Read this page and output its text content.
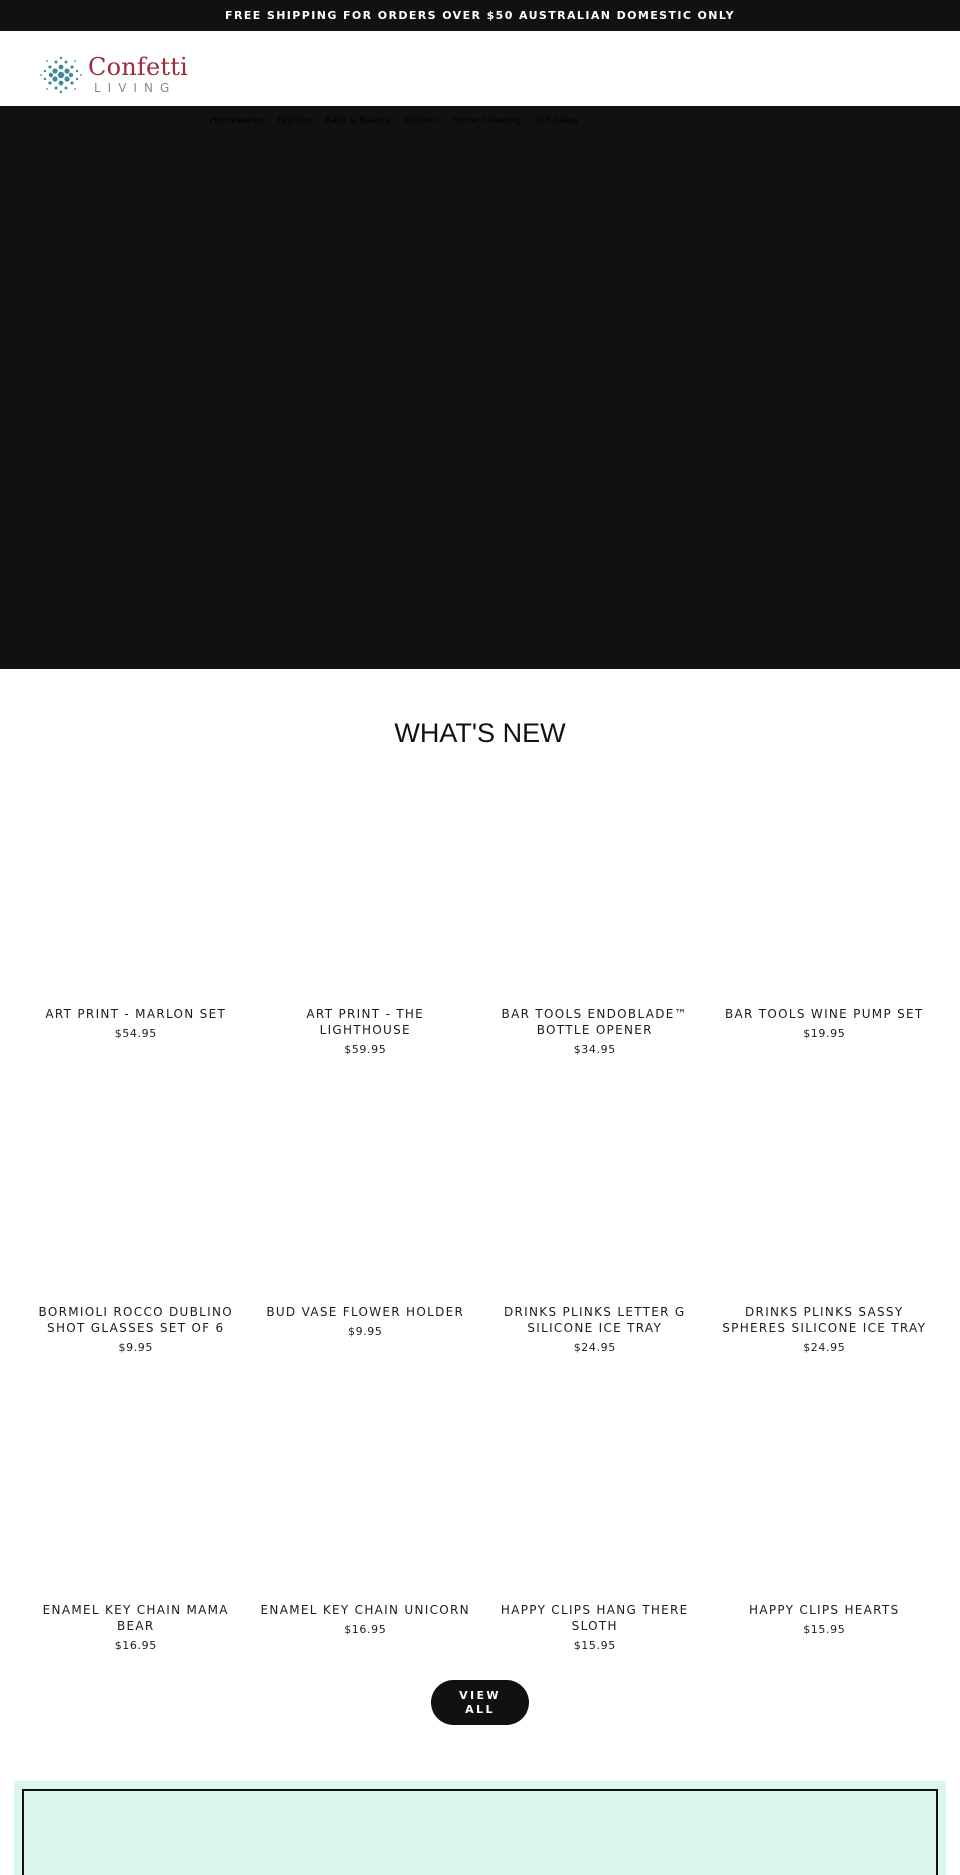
FREE SHIPPING FOR ORDERS OVER $50 AUSTRALIAN DOMESTIC ONLY
Confetti
LIVING
Homewares Fashion Bath & Beauty Kitchen Home Cleaning Gift Ideas
WHAT'S NEW
ART PRINT - MARLON SET
$54.95
ART PRINT - THE LIGHTHOUSE
$59.95
BAR TOOLS ENDOBLADE™ BOTTLE OPENER
$34.95
BAR TOOLS WINE PUMP SET
$19.95
BORMIOLI ROCCO DUBLINO SHOT GLASSES SET OF 6
$9.95
BUD VASE FLOWER HOLDER
$9.95
DRINKS PLINKS LETTER G SILICONE ICE TRAY
$24.95
DRINKS PLINKS SASSY SPHERES SILICONE ICE TRAY
$24.95
ENAMEL KEY CHAIN MAMA BEAR
$16.95
ENAMEL KEY CHAIN UNICORN
$16.95
HAPPY CLIPS HANG THERE SLOTH
$15.95
HAPPY CLIPS HEARTS
$15.95
VIEW ALL
